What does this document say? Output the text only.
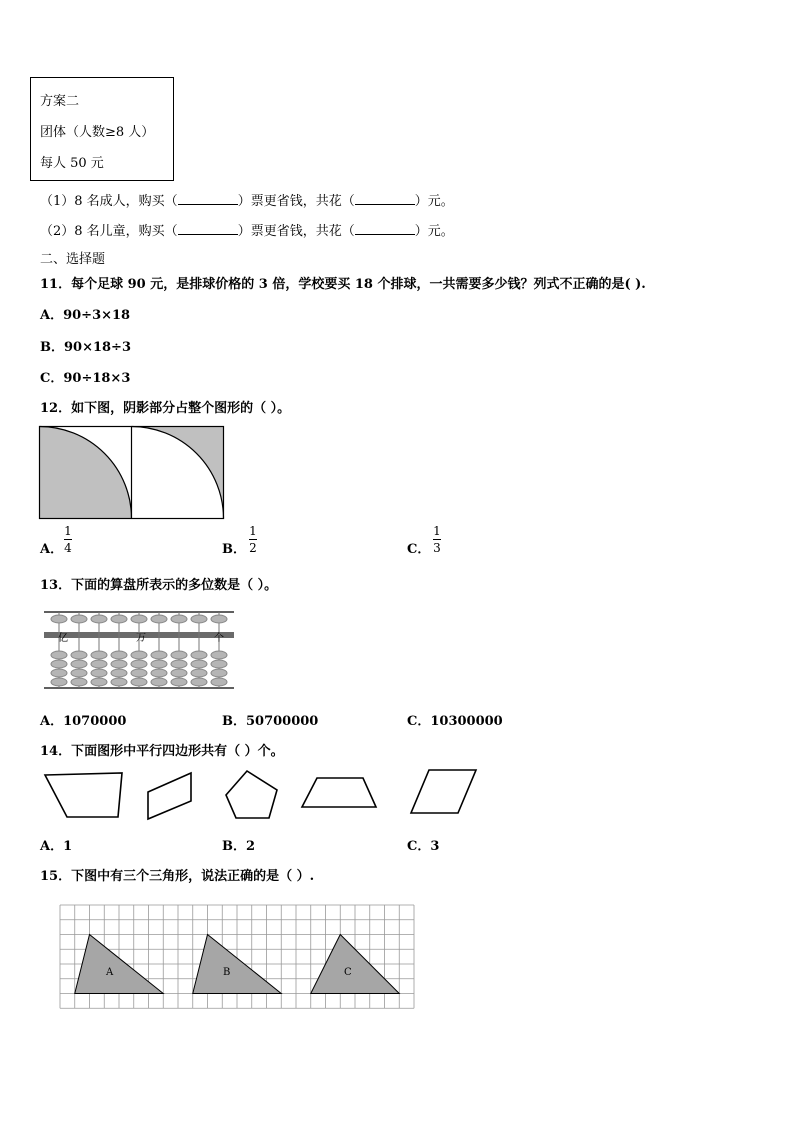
方案二
团体（人数≥8 人）
每人 50 元
（1）8 名成人，购买（	）票更省钱，共花（	）元。
（2）8 名儿童，购买（	）票更省钱，共花（	）元。
二、选择题
11．每个足球 90 元，是排球价格的 3 倍，学校要买 18 个排球，一共需要多少钱？列式不正确的是( ).
A．90÷3×18
B．90×18÷3
C．90÷18×3
12．如下图，阴影部分占整个图形的（ ）。
A．
1
4	B．
1
2	C．
1
3
13．下面的算盘所表示的多位数是（ ）。
亿	万	个
A．1070000	B．50700000	C．10300000
14．下面图形中平行四边形共有（ ）个。
A．1	B．2	C．3
15．下图中有三个三角形，说法正确的是（ ）.
A	B	C
